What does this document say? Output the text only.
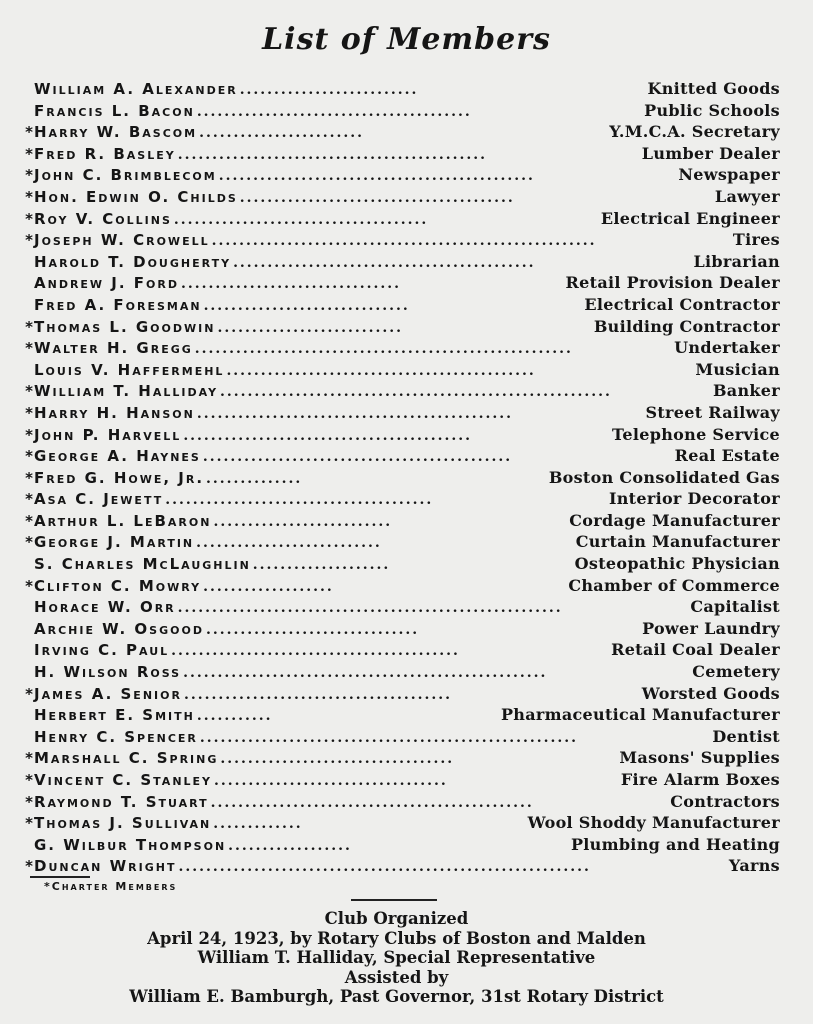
List of Members
William A. Alexander ..........................	Knitted Goods
Francis L. Bacon ........................................	Public Schools
* Harry W. Bascom ........................	Y.M.C.A. Secretary
* Fred R. Basley .............................................	Lumber Dealer
* John C. Brimblecom ..............................................	Newspaper
* Hon. Edwin O. Childs ........................................	Lawyer
* Roy V. Collins .....................................	Electrical Engineer
* Joseph W. Crowell ........................................................	Tires
Harold T. Dougherty ............................................	Librarian
Andrew J. Ford ................................	Retail Provision Dealer
Fred A. Foresman ..............................	Electrical Contractor
* Thomas L. Goodwin ...........................	Building Contractor
* Walter H. Gregg .......................................................	Undertaker
Louis V. Haffermehl .............................................	Musician
* William T. Halliday .........................................................	Banker
* Harry H. Hanson ..............................................	Street Railway
* John P. Harvell ..........................................	Telephone Service
* George A. Haynes .............................................	Real Estate
* Fred G. Howe, Jr. ..............	Boston Consolidated Gas
* Asa C. Jewett .......................................	Interior Decorator
* Arthur L. LeBaron ..........................	Cordage Manufacturer
* George J. Martin ...........................	Curtain Manufacturer
S. Charles McLaughlin ....................	Osteopathic Physician
* Clifton C. Mowry ...................	Chamber of Commerce
Horace W. Orr ........................................................	Capitalist
Archie W. Osgood ...............................	Power Laundry
Irving C. Paul ..........................................	Retail Coal Dealer
H. Wilson Ross .....................................................	Cemetery
* James A. Senior .......................................	Worsted Goods
Herbert E. Smith ...........	Pharmaceutical Manufacturer
Henry C. Spencer .......................................................	Dentist
* Marshall C. Spring ..................................	Masons' Supplies
* Vincent C. Stanley ..................................	Fire Alarm Boxes
* Raymond T. Stuart ...............................................	Contractors
* Thomas J. Sullivan .............	Wool Shoddy Manufacturer
G. Wilbur Thompson ..................	Plumbing and Heating
* Duncan Wright ............................................................	Yarns
*Charter Members
Club Organized
April 24, 1923, by Rotary Clubs of Boston and Malden
William T. Halliday, Special Representative
Assisted by
William E. Bamburgh, Past Governor, 31st Rotary District
